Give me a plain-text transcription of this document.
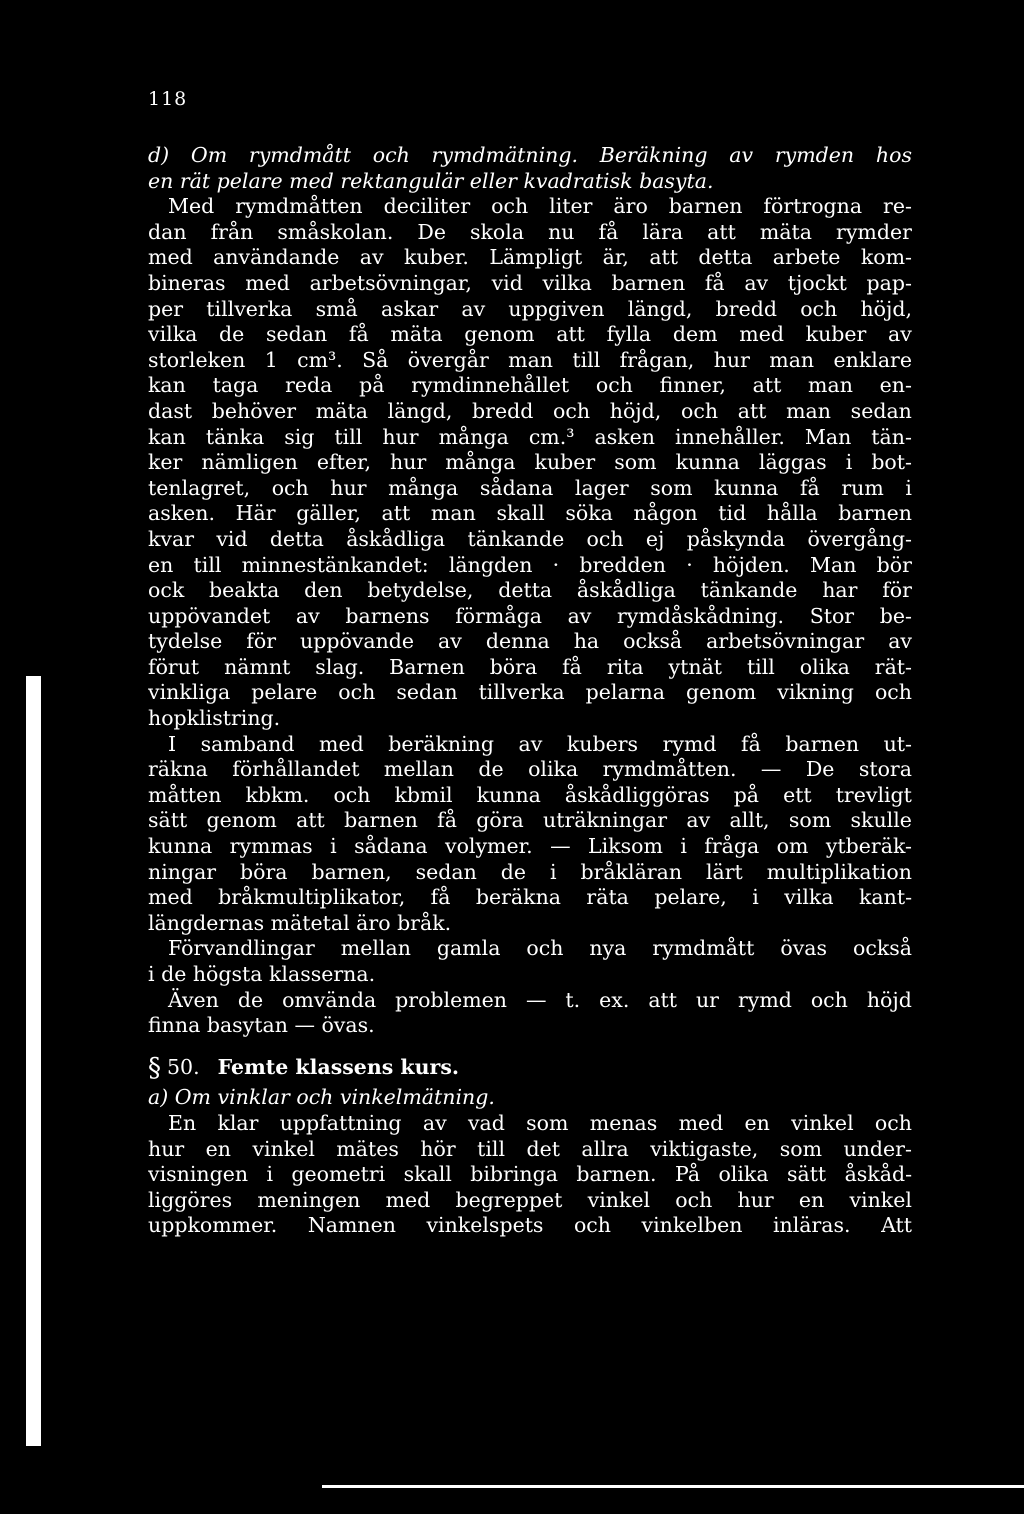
118
d) Om rymdmått och rymdmätning. Beräkning av rymden hos
en rät pelare med rektangulär eller kvadratisk basyta.
Med rymdmåtten deciliter och liter äro barnen förtrogna re-
dan från småskolan. De skola nu få lära att mäta rymder
med användande av kuber. Lämpligt är, att detta arbete kom-
bineras med arbetsövningar, vid vilka barnen få av tjockt pap-
per tillverka små askar av uppgiven längd, bredd och höjd,
vilka de sedan få mäta genom att fylla dem med kuber av
storleken 1 cm³. Så övergår man till frågan, hur man enklare
kan taga reda på rymdinnehållet och finner, att man en-
dast behöver mäta längd, bredd och höjd, och att man sedan
kan tänka sig till hur många cm.³ asken innehåller. Man tän-
ker nämligen efter, hur många kuber som kunna läggas i bot-
tenlagret, och hur många sådana lager som kunna få rum i
asken. Här gäller, att man skall söka någon tid hålla barnen
kvar vid detta åskådliga tänkande och ej påskynda övergång-
en till minnestänkandet: längden · bredden · höjden. Man bör
ock beakta den betydelse, detta åskådliga tänkande har för
uppövandet av barnens förmåga av rymdåskådning. Stor be-
tydelse för uppövande av denna ha också arbetsövningar av
förut nämnt slag. Barnen böra få rita ytnät till olika rät-
vinkliga pelare och sedan tillverka pelarna genom vikning och
hopklistring.
I samband med beräkning av kubers rymd få barnen ut-
räkna förhållandet mellan de olika rymdmåtten. — De stora
måtten kbkm. och kbmil kunna åskådliggöras på ett trevligt
sätt genom att barnen få göra uträkningar av allt, som skulle
kunna rymmas i sådana volymer. — Liksom i fråga om ytberäk-
ningar böra barnen, sedan de i bråkläran lärt multiplikation
med bråkmultiplikator, få beräkna räta pelare, i vilka kant-
längdernas mätetal äro bråk.
Förvandlingar mellan gamla och nya rymdmått övas också
i de högsta klasserna.
Även de omvända problemen — t. ex. att ur rymd och höjd
finna basytan — övas.
§ 50. Femte klassens kurs.
a) Om vinklar och vinkelmätning.
En klar uppfattning av vad som menas med en vinkel och
hur en vinkel mätes hör till det allra viktigaste, som under-
visningen i geometri skall bibringa barnen. På olika sätt åskåd-
liggöres meningen med begreppet vinkel och hur en vinkel
uppkommer. Namnen vinkelspets och vinkelben inläras. Att
